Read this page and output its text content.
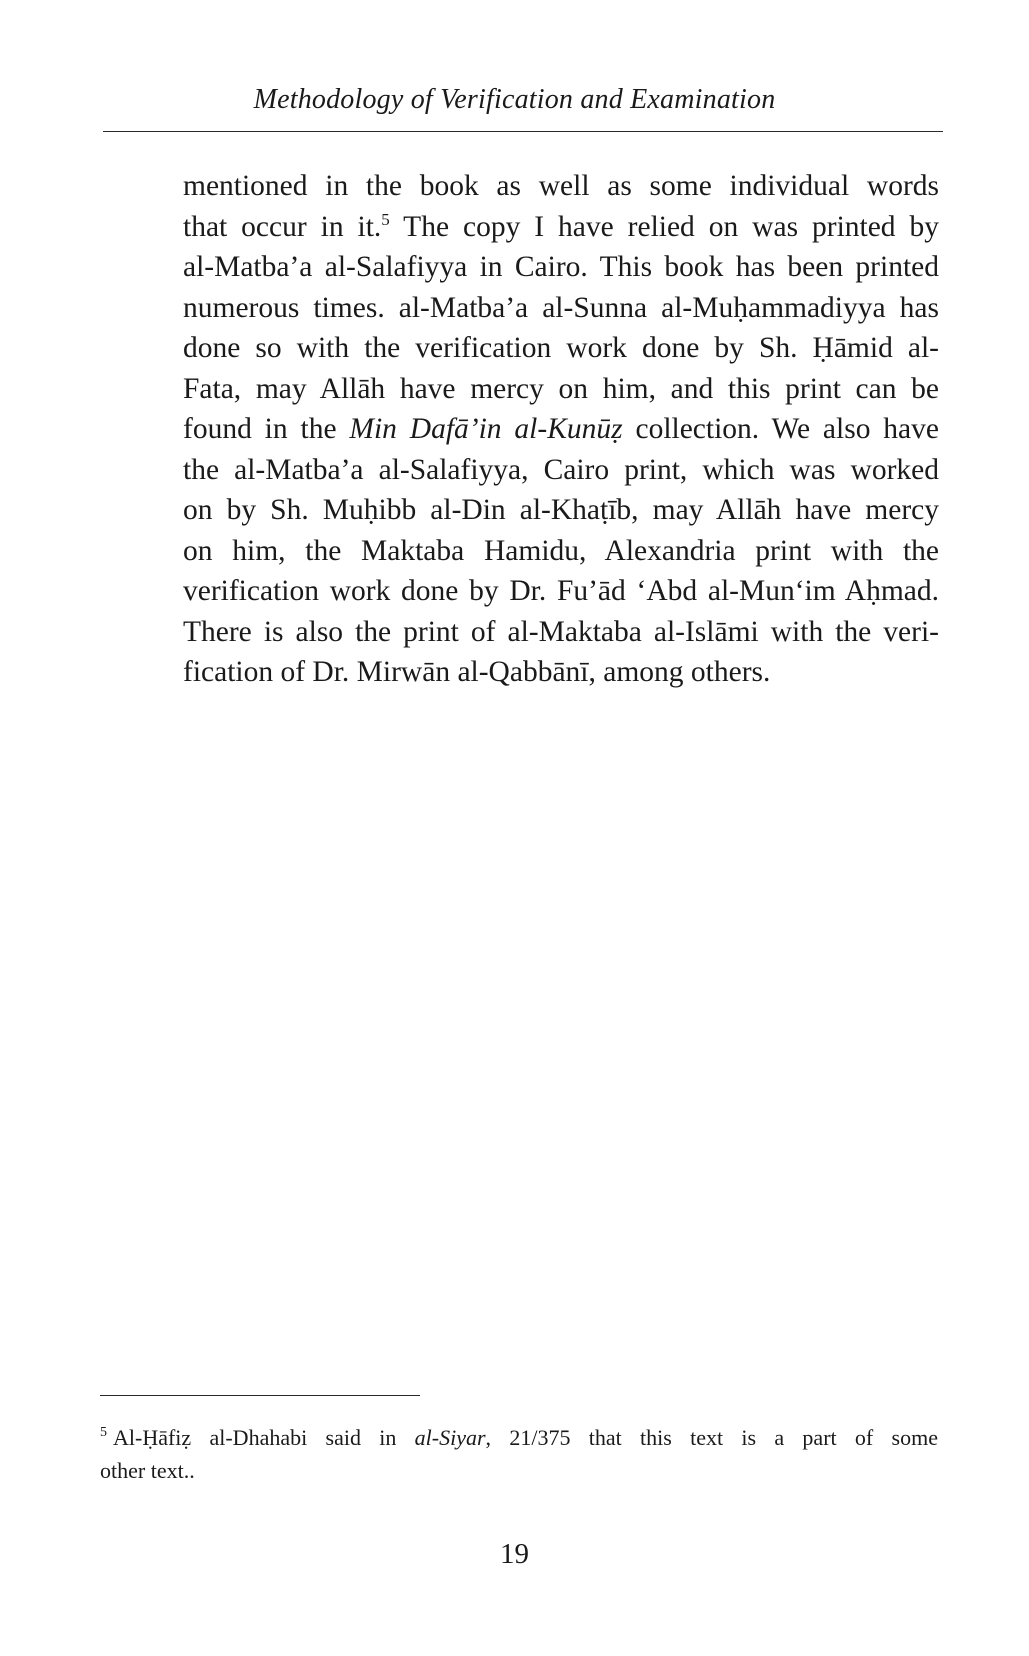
Methodology of Verification and Examination

mentioned in the book as well as some individual words
that occur in it.$^5$ The copy I have relied on was printed by
al-Matba’a al-Salafiyya in Cairo. This book has been printed
numerous times. al-Matba’a al-Sunna al-Muḥammadiyya has
done so with the verification work done by Sh. Ḥāmid al-
Fata, may Allāh have mercy on him, and this print can be
found in the Min Dafā’in al-Kunūẓ collection. We also have
the al-Matba’a al-Salafiyya, Cairo print, which was worked
on by Sh. Muḥibb al-Din al-Khaṭīb, may Allāh have mercy
on him, the Maktaba Hamidu, Alexandria print with the
verification work done by Dr. Fu’ād ‘Abd al-Mun‘im Aḥmad.
There is also the print of al-Maktaba al-Islāmi with the veri-
fication of Dr. Mirwān al-Qabbānī, among others.

$^5$ Al-Ḥāfiẓ al-Dhahabi said in al-Siyar, 21/375 that this text is a part of some
other text..

19
